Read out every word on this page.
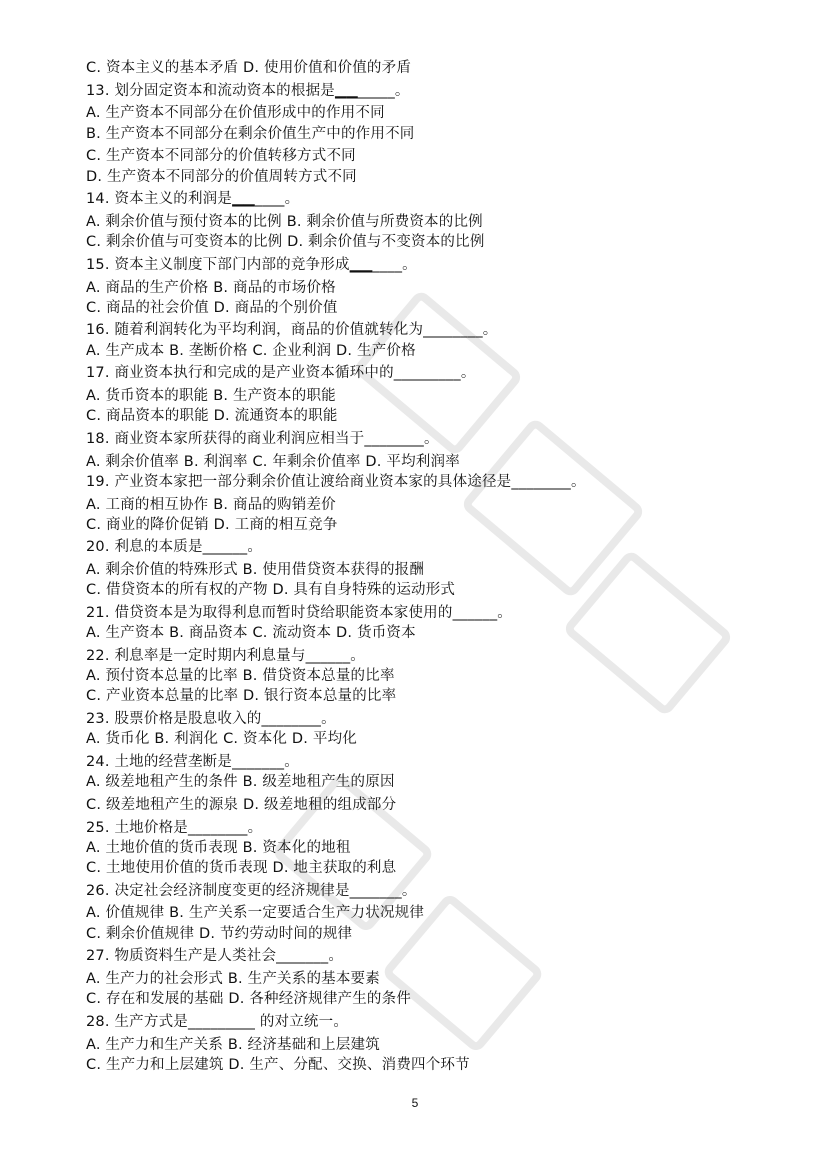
C. 资本主义的基本矛盾 D. 使用价值和价值的矛盾
13. 划分固定资本和流动资本的根据是▁▁_____。
A. 生产资本不同部分在价值形成中的作用不同
B. 生产资本不同部分在剩余价值生产中的作用不同
C. 生产资本不同部分的价值转移方式不同
D. 生产资本不同部分的价值周转方式不同
14. 资本主义的利润是▁▁____。
A. 剩余价值与预付资本的比例 B. 剩余价值与所费资本的比例
C. 剩余价值与可变资本的比例 D. 剩余价值与不变资本的比例
15. 资本主义制度下部门内部的竞争形成▁▁____。
A. 商品的生产价格 B. 商品的市场价格
C. 商品的社会价值 D. 商品的个别价值
16. 随着利润转化为平均利润，商品的价值就转化为________。
A. 生产成本 B. 垄断价格 C. 企业利润 D. 生产价格
17. 商业资本执行和完成的是产业资本循环中的_________。
A. 货币资本的职能 B. 生产资本的职能
C. 商品资本的职能 D. 流通资本的职能
18. 商业资本家所获得的商业利润应相当于________。
A. 剩余价值率 B. 利润率 C. 年剩余价值率 D. 平均利润率
19. 产业资本家把一部分剩余价值让渡给商业资本家的具体途径是________。
A. 工商的相互协作 B. 商品的购销差价
C. 商业的降价促销 D. 工商的相互竞争
20. 利息的本质是______。
A. 剩余价值的特殊形式 B. 使用借贷资本获得的报酬
C. 借贷资本的所有权的产物 D. 具有自身特殊的运动形式
21. 借贷资本是为取得利息而暂时贷给职能资本家使用的______。
A. 生产资本 B. 商品资本 C. 流动资本 D. 货币资本
22. 利息率是一定时期内利息量与______。
A. 预付资本总量的比率 B. 借贷资本总量的比率
C. 产业资本总量的比率 D. 银行资本总量的比率
23. 股票价格是股息收入的________。
A. 货币化 B. 利润化 C. 资本化 D. 平均化
24. 土地的经营垄断是_______。
A. 级差地租产生的条件 B. 级差地租产生的原因
C. 级差地租产生的源泉 D. 级差地租的组成部分
25. 土地价格是________。
A. 土地价值的货币表现 B. 资本化的地租
C. 土地使用价值的货币表现 D. 地主获取的利息
26. 决定社会经济制度变更的经济规律是_______。
A. 价值规律 B. 生产关系一定要适合生产力状况规律
C. 剩余价值规律 D. 节约劳动时间的规律
27. 物质资料生产是人类社会_______。
A. 生产力的社会形式 B. 生产关系的基本要素
C. 存在和发展的基础 D. 各种经济规律产生的条件
28. 生产方式是_________ 的对立统一。
A. 生产力和生产关系 B. 经济基础和上层建筑
C. 生产力和上层建筑 D. 生产、分配、交换、消费四个环节
5
